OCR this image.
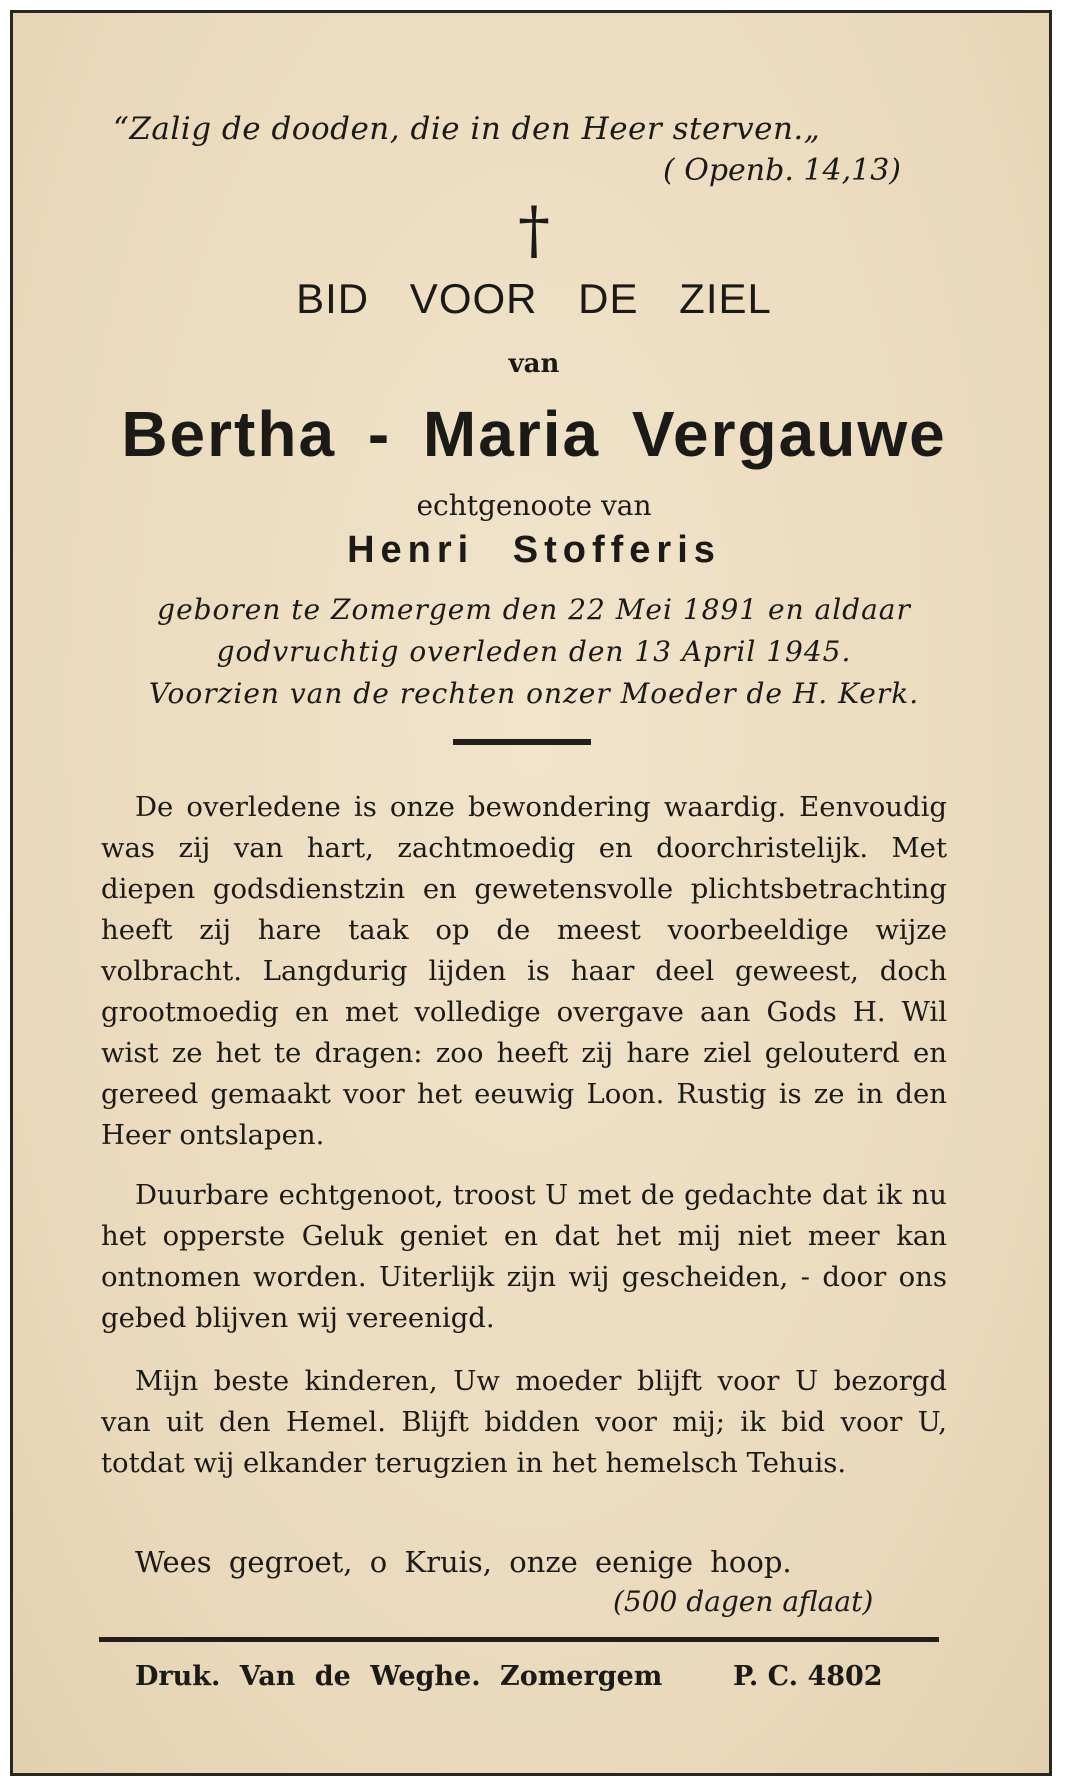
“Zalig de dooden, die in den Heer sterven.„
( Openb. 14,13)
†
BID VOOR DE ZIEL
van
Bertha - Maria Vergauwe
echtgenoote van
Henri Stofferis
geboren te Zomergem den 22 Mei 1891 en aldaar
godvruchtig overleden den 13 April 1945.
Voorzien van de rechten onzer Moeder de H. Kerk.
De overledene is onze bewondering waardig. Eenvoudig was zij van hart, zachtmoedig en doorchristelijk. Met diepen godsdienstzin en gewetensvolle plichtsbetrachting heeft zij hare taak op de meest voorbeeldige wijze volbracht. Langdurig lijden is haar deel geweest, doch grootmoedig en met volledige overgave aan Gods H. Wil wist ze het te dragen: zoo heeft zij hare ziel gelouterd en gereed gemaakt voor het eeuwig Loon. Rustig is ze in den Heer ontslapen.
Duurbare echtgenoot, troost U met de gedachte dat ik nu het opperste Geluk geniet en dat het mij niet meer kan ontnomen worden. Uiterlijk zijn wij gescheiden, - door ons gebed blijven wij vereenigd.
Mijn beste kinderen, Uw moeder blijft voor U bezorgd van uit den Hemel. Blijft bidden voor mij; ik bid voor U, totdat wij elkander terugzien in het hemelsch Tehuis.
Wees gegroet, o Kruis, onze eenige hoop.
(500 dagen aflaat)
Druk. Van de Weghe. Zomergem	P. C. 4802
